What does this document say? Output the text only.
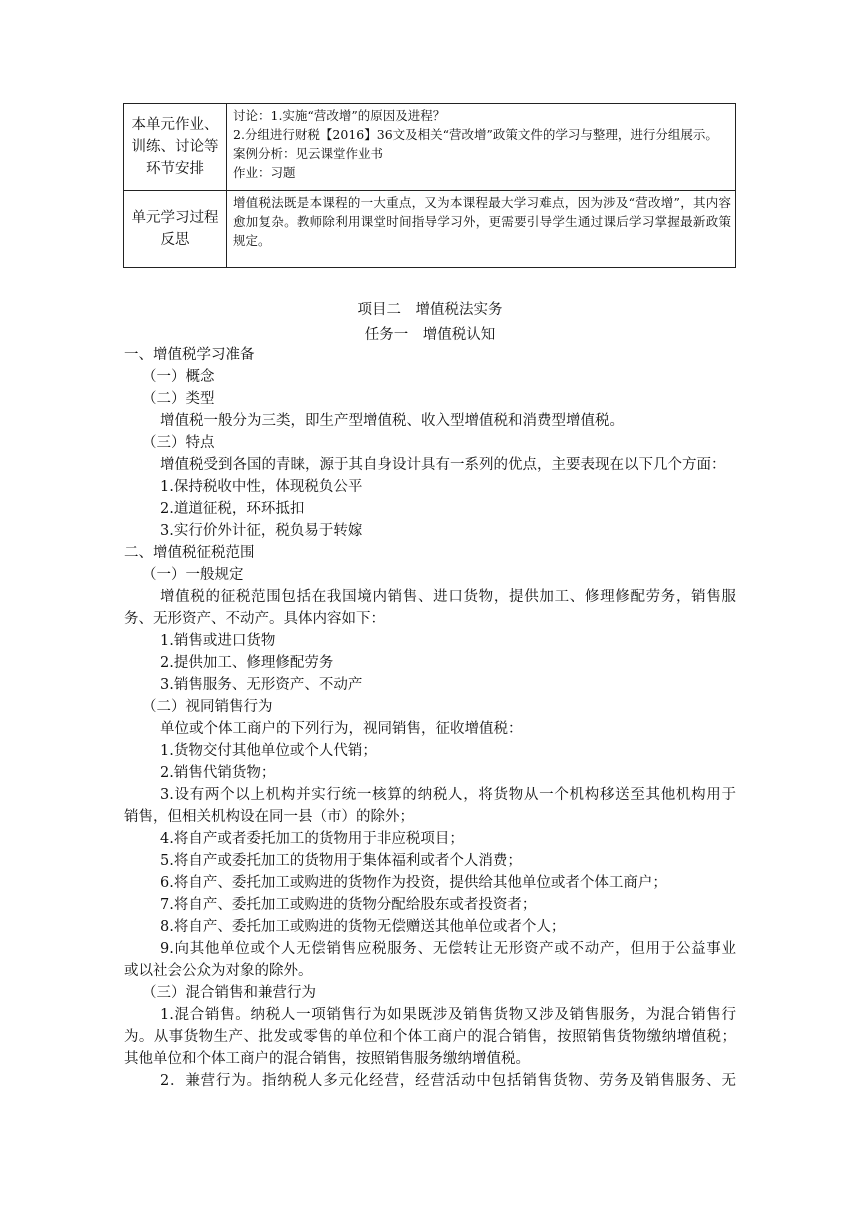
本单元作业、训练、讨论等环节安排	讨论：1.实施“营改增”的原因及进程？
2.分组进行财税【2016】36文及相关“营改增”政策文件的学习与整理，进行分组展示。
案例分析：见云课堂作业书
作业：习题

单元学习过程反思	增值税法既是本课程的一大重点，又为本课程最大学习难点，因为涉及“营改增”，其内容愈加复杂。教师除利用课堂时间指导学习外，更需要引导学生通过课后学习掌握最新政策规定。

项目二　增值税法实务
任务一　增值税认知
一、增值税学习准备
（一）概念
（二）类型
增值税一般分为三类，即生产型增值税、收入型增值税和消费型增值税。
（三）特点
增值税受到各国的青睐，源于其自身设计具有一系列的优点，主要表现在以下几个方面：
1.保持税收中性，体现税负公平
2.道道征税，环环抵扣
3.实行价外计征，税负易于转嫁
二、增值税征税范围
（一）一般规定
增值税的征税范围包括在我国境内销售、进口货物，提供加工、修理修配劳务，销售服
务、无形资产、不动产。具体内容如下：
1.销售或进口货物
2.提供加工、修理修配劳务
3.销售服务、无形资产、不动产
（二）视同销售行为
单位或个体工商户的下列行为，视同销售，征收增值税：
1.货物交付其他单位或个人代销；
2.销售代销货物；
3.设有两个以上机构并实行统一核算的纳税人，将货物从一个机构移送至其他机构用于
销售，但相关机构设在同一县（市）的除外；
4.将自产或者委托加工的货物用于非应税项目；
5.将自产或委托加工的货物用于集体福利或者个人消费；
6.将自产、委托加工或购进的货物作为投资，提供给其他单位或者个体工商户；
7.将自产、委托加工或购进的货物分配给股东或者投资者；
8.将自产、委托加工或购进的货物无偿赠送其他单位或者个人；
9.向其他单位或个人无偿销售应税服务、无偿转让无形资产或不动产，但用于公益事业
或以社会公众为对象的除外。
（三）混合销售和兼营行为
1.混合销售。纳税人一项销售行为如果既涉及销售货物又涉及销售服务，为混合销售行
为。从事货物生产、批发或零售的单位和个体工商户的混合销售，按照销售货物缴纳增值税；
其他单位和个体工商户的混合销售，按照销售服务缴纳增值税。
2．兼营行为。指纳税人多元化经营，经营活动中包括销售货物、劳务及销售服务、无
